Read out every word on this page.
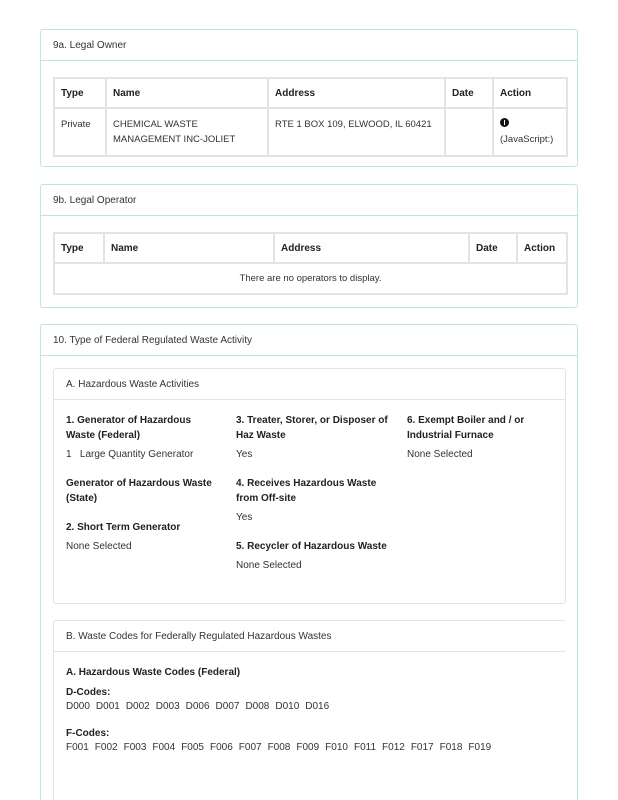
9a. Legal Owner
Type	Name	Address	Date	Action
Private	CHEMICAL WASTE MANAGEMENT INC-JOLIET	RTE 1 BOX 109, ELWOOD, IL 60421		(JavaScript:)
9b. Legal Operator
Type	Name	Address	Date	Action
There are no operators to display.
10. Type of Federal Regulated Waste Activity
A. Hazardous Waste Activities
1. Generator of Hazardous Waste (Federal)
1   Large Quantity Generator
Generator of Hazardous Waste (State)
2. Short Term Generator
None Selected
3. Treater, Storer, or Disposer of Haz Waste
Yes
4. Receives Hazardous Waste from Off-site
Yes
5. Recycler of Hazardous Waste
None Selected
6. Exempt Boiler and / or Industrial Furnace
None Selected
B. Waste Codes for Federally Regulated Hazardous Wastes
A. Hazardous Waste Codes (Federal)
D-Codes:
D000 D001 D002 D003 D006 D007 D008 D010 D016
F-Codes:
F001 F002 F003 F004 F005 F006 F007 F008 F009 F010 F011 F012 F017 F018 F019
